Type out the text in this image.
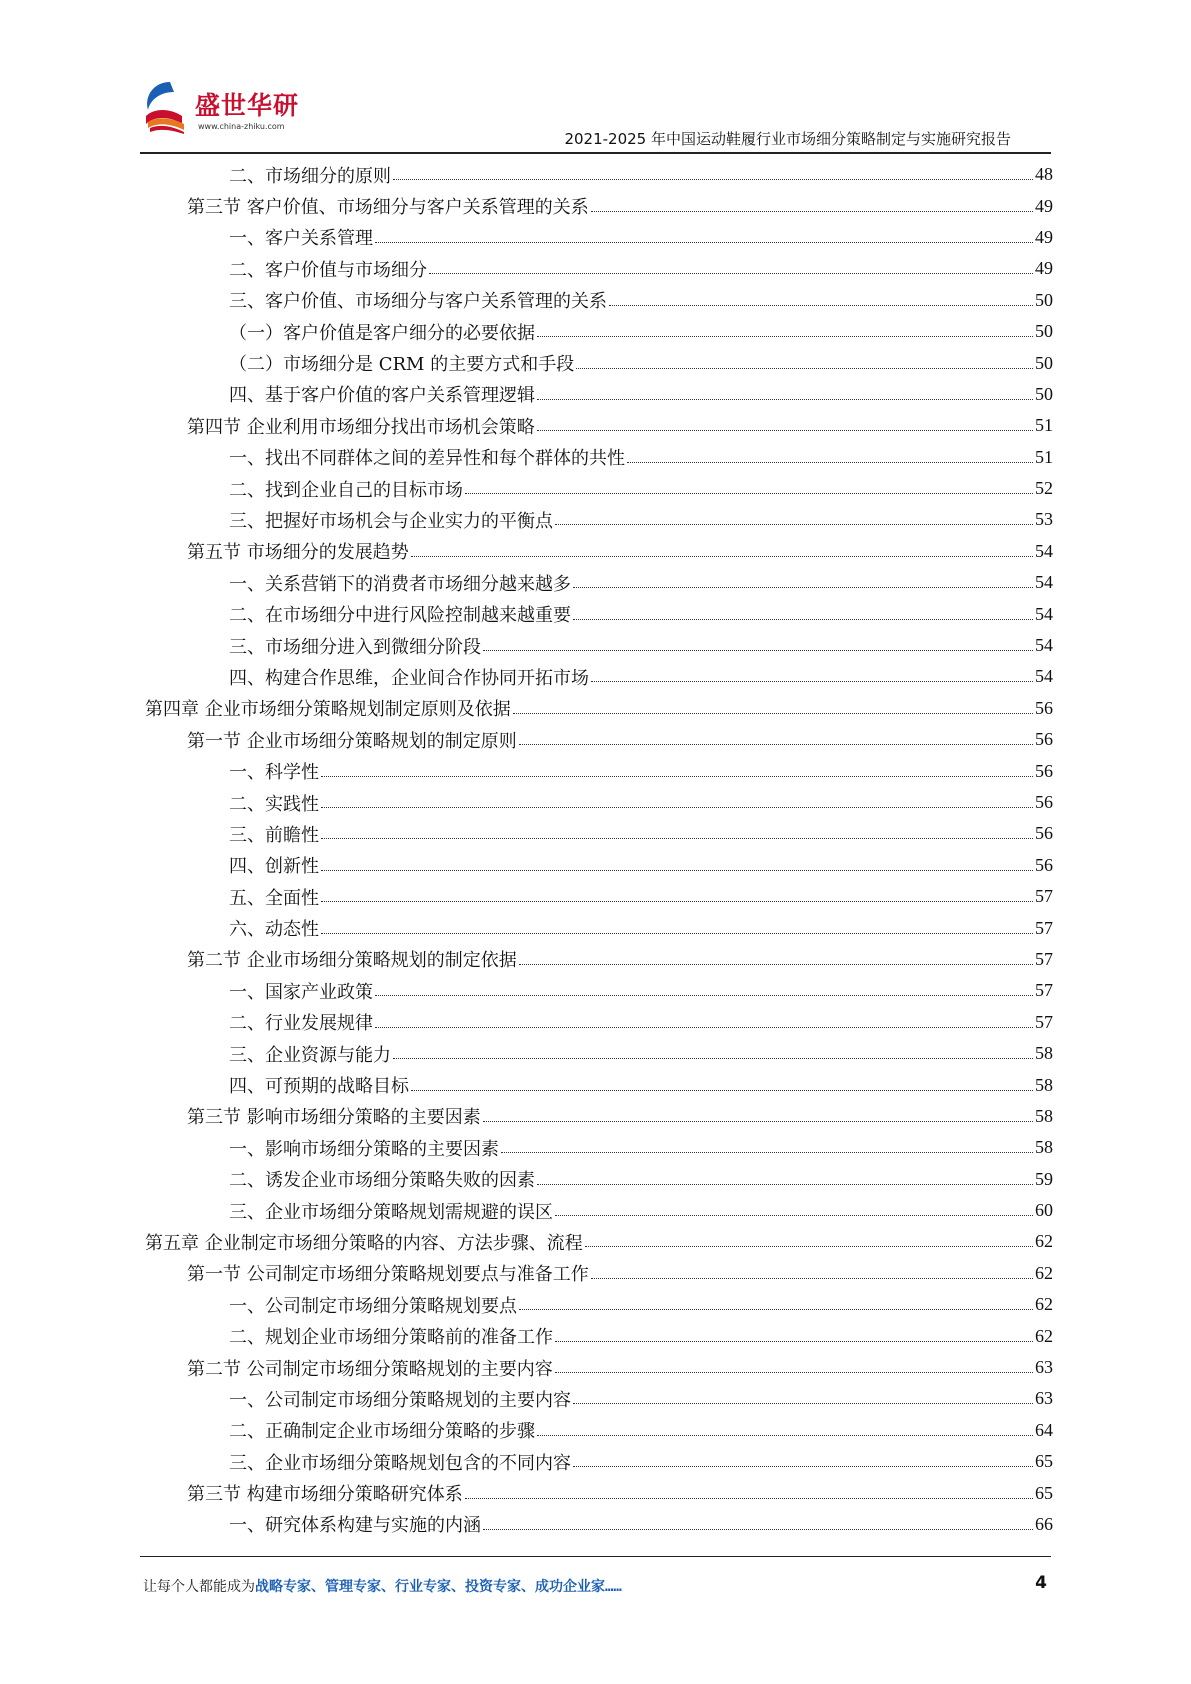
盛世华研
www.china-zhiku.com
2021-2025 年中国运动鞋履行业市场细分策略制定与实施研究报告
二、市场细分的原则	48
第三节 客户价值、市场细分与客户关系管理的关系	49
一、客户关系管理	49
二、客户价值与市场细分	49
三、客户价值、市场细分与客户关系管理的关系	50
（一）客户价值是客户细分的必要依据	50
（二）市场细分是 CRM 的主要方式和手段	50
四、基于客户价值的客户关系管理逻辑	50
第四节 企业利用市场细分找出市场机会策略	51
一、找出不同群体之间的差异性和每个群体的共性	51
二、找到企业自己的目标市场	52
三、把握好市场机会与企业实力的平衡点	53
第五节 市场细分的发展趋势	54
一、关系营销下的消费者市场细分越来越多	54
二、在市场细分中进行风险控制越来越重要	54
三、市场细分进入到微细分阶段	54
四、构建合作思维，企业间合作协同开拓市场	54
第四章 企业市场细分策略规划制定原则及依据	56
第一节 企业市场细分策略规划的制定原则	56
一、科学性	56
二、实践性	56
三、前瞻性	56
四、创新性	56
五、全面性	57
六、动态性	57
第二节 企业市场细分策略规划的制定依据	57
一、国家产业政策	57
二、行业发展规律	57
三、企业资源与能力	58
四、可预期的战略目标	58
第三节 影响市场细分策略的主要因素	58
一、影响市场细分策略的主要因素	58
二、诱发企业市场细分策略失败的因素	59
三、企业市场细分策略规划需规避的误区	60
第五章 企业制定市场细分策略的内容、方法步骤、流程	62
第一节 公司制定市场细分策略规划要点与准备工作	62
一、公司制定市场细分策略规划要点	62
二、规划企业市场细分策略前的准备工作	62
第二节 公司制定市场细分策略规划的主要内容	63
一、公司制定市场细分策略规划的主要内容	63
二、正确制定企业市场细分策略的步骤	64
三、企业市场细分策略规划包含的不同内容	65
第三节 构建市场细分策略研究体系	65
一、研究体系构建与实施的内涵	66
让每个人都能成为战略专家、管理专家、行业专家、投资专家、成功企业家……	4
